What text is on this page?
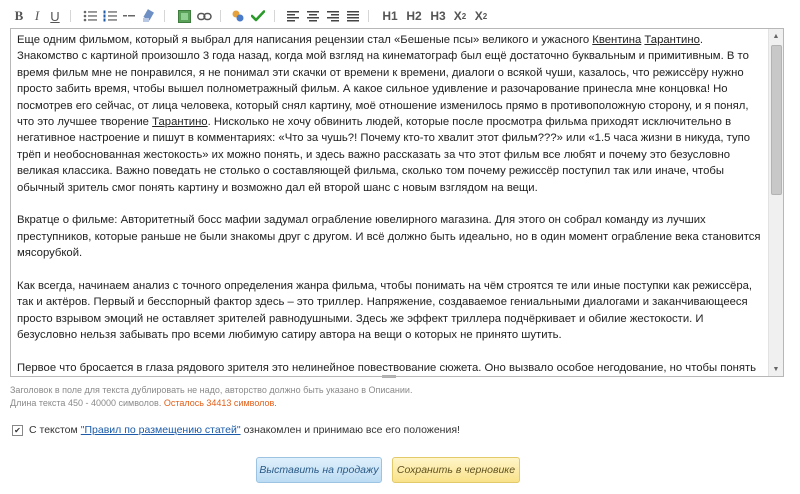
B I U	H1 H2 H3 X 2 X 2

Еще одним фильмом, который я выбрал для написания рецензии стал «Бешеные псы» великого и ужасного Квентина Тарантино. Знакомство с картиной произошло 3 года назад, когда мой взгляд на кинематограф был ещё достаточно буквальным и примитивным. В то время фильм мне не понравился, я не понимал эти скачки от времени к времени, диалоги о всякой чуши, казалось, что режиссёру нужно просто забить время, чтобы вышел полнометражный фильм. А какое сильное удивление и разочарование принесла мне концовка! Но посмотрев его сейчас, от лица человека, который снял картину, моё отношение изменилось прямо в противоположную сторону, и я понял, что это лучшее творение Тарантино. Нисколько не хочу обвинить людей, которые после просмотра фильма приходят исключительно в негативное настроение и пишут в комментариях: «Что за чушь?! Почему кто-то хвалит этот фильм???» или «1.5 часа жизни в никуда, тупо трёп и необоснованная жестокость» их можно понять, и здесь важно рассказать за что этот фильм все любят и почему это безусловно великая классика. Важно поведать не столько о составляющей фильма, сколько том почему режиссёр поступил так или иначе, чтобы обычный зритель смог понять картину и возможно дал ей второй шанс с новым взглядом на вещи.

Вкратце о фильме: Авторитетный босс мафии задумал ограбление ювелирного магазина. Для этого он собрал команду из лучших преступников, которые раньше не были знакомы друг с другом. И всё должно быть идеально, но в один момент ограбление века становится мясорубкой.

Как всегда, начинаем анализ с точного определения жанра фильма, чтобы понимать на чём строятся те или иные поступки как режиссёра, так и актёров. Первый и бесспорный фактор здесь – это триллер. Напряжение, создаваемое гениальными диалогами и заканчивающееся просто взрывом эмоций не оставляет зрителей равнодушными. Здесь же эффект триллера подчёркивает и обилие жестокости. И безусловно нельзя забывать про всеми любимую сатиру автора на вещи о которых не принято шутить.

Первое что бросается в глаза рядового зрителя это нелинейное повествование сюжета. Оно вызвало особое негодование, но чтобы понять

▲
▼
Заголовок в поле для текста дублировать не надо, авторство должно быть указано в Описании.
Длина текста 450 - 40000 символов. Осталось 34413 символов.
✔ С текстом "Правил по размещению статей" ознакомлен и принимаю все его положения!
Выставить на продажу	Сохранить в черновике
